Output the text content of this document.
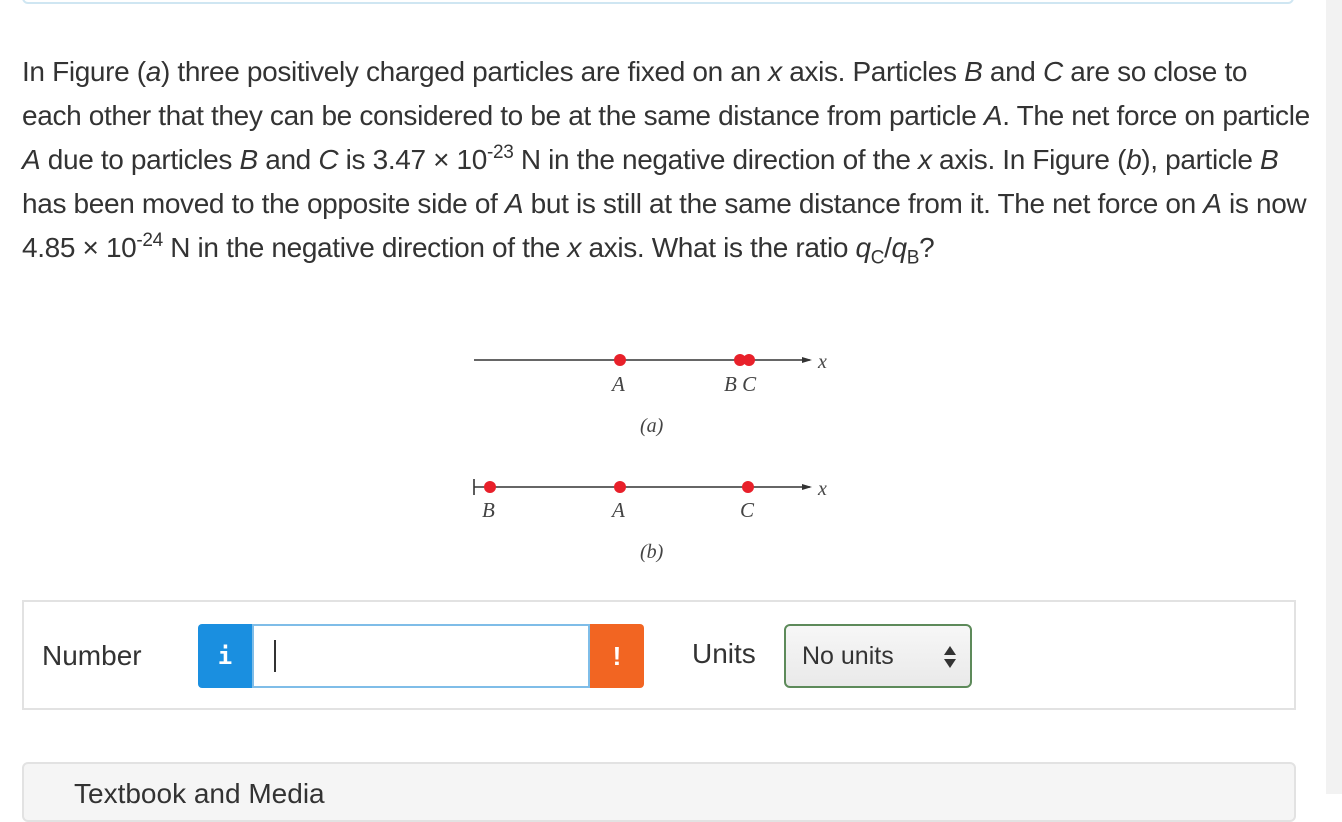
In Figure (a) three positively charged particles are fixed on an x axis. Particles B and C are so close to each other that they can be considered to be at the same distance from particle A. The net force on particle A due to particles B and C is $3.47 \times 10^{-23}$ N in the negative direction of the x axis. In Figure (b), particle B has been moved to the opposite side of A but is still at the same distance from it. The net force on A is now $4.85 \times 10^{-24}$ N in the negative direction of the x axis. What is the ratio $q_C/q_B$?

x
A	B C
(a)
x
B	A	C
(b)
Number	i	!	Units No units
Textbook and Media
